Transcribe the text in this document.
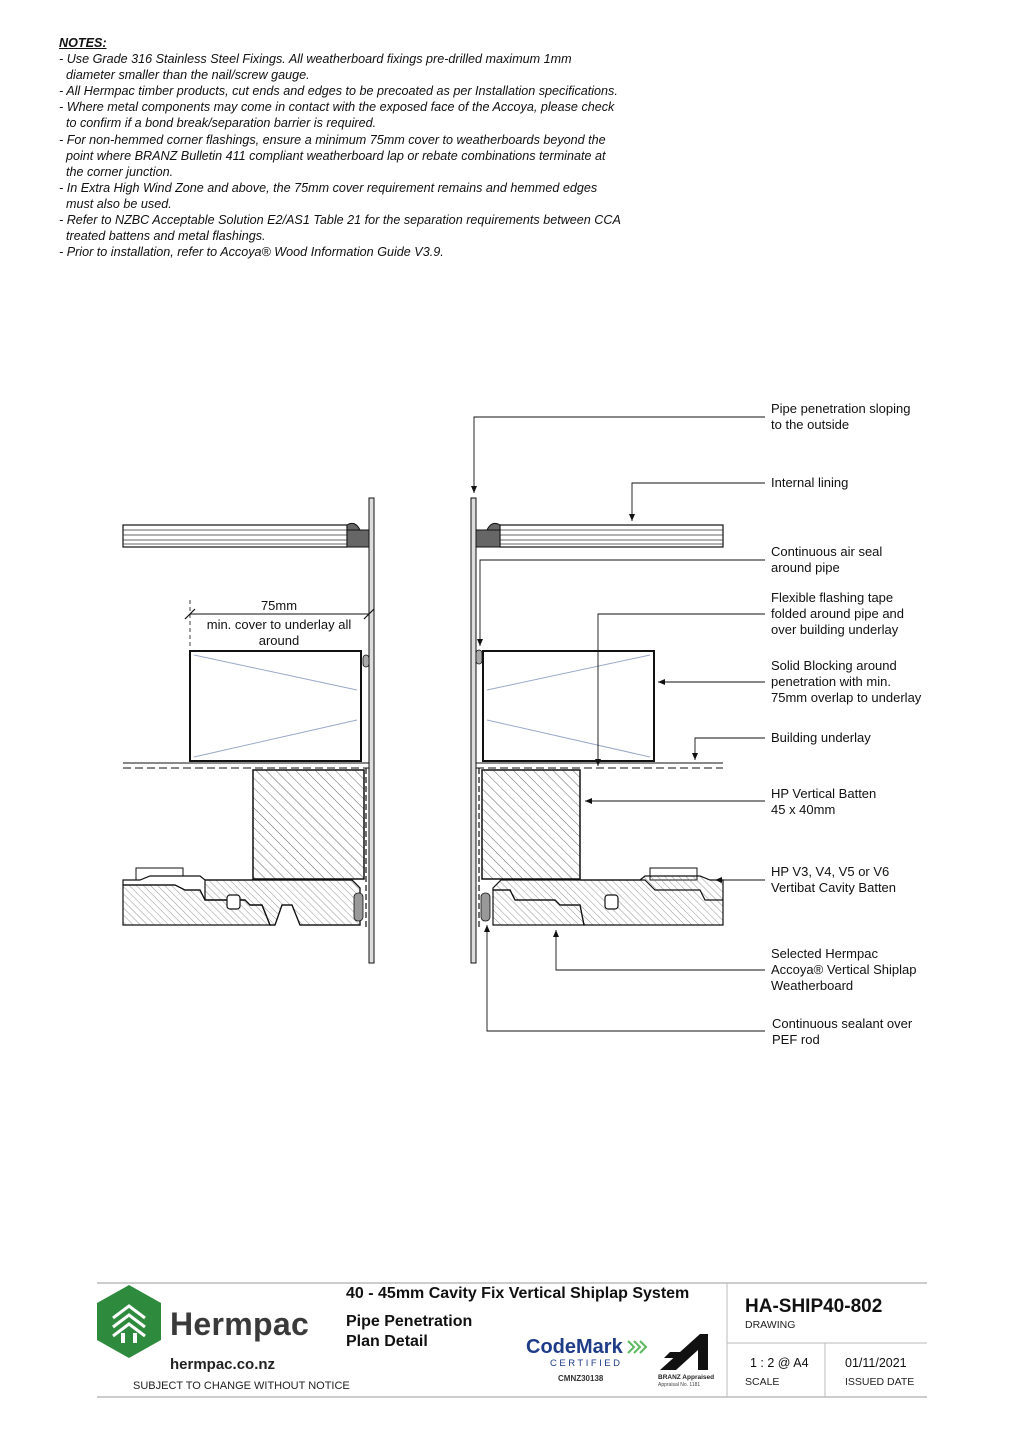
NOTES:
- Use Grade 316 Stainless Steel Fixings. All weatherboard fixings pre-drilled maximum 1mm
diameter smaller than the nail/screw gauge.
- All Hermpac timber products, cut ends and edges to be precoated as per Installation specifications.
- Where metal components may come in contact with the exposed face of the Accoya, please check
to confirm if a bond break/separation barrier is required.
- For non-hemmed corner flashings, ensure a minimum 75mm cover to weatherboards beyond the
point where BRANZ Bulletin 411 compliant weatherboard lap or rebate combinations terminate at
the corner junction.
- In Extra High Wind Zone and above, the 75mm cover requirement remains and hemmed edges
must also be used.
- Refer to NZBC Acceptable Solution E2/AS1 Table 21 for the separation requirements between CCA
treated battens and metal flashings.
- Prior to installation, refer to Accoya® Wood Information Guide V3.9.
75mm
min. cover to underlay all
around
Pipe penetration sloping
to the outside
Internal lining
Continuous air seal
around pipe
Flexible flashing tape
folded around pipe and
over building underlay
Solid Blocking around
penetration with min.
75mm overlap to underlay
Building underlay
HP Vertical Batten
45 x 40mm
HP V3, V4, V5 or V6
Vertibat Cavity Batten
Selected Hermpac
Accoya® Vertical Shiplap
Weatherboard
Continuous sealant over
PEF rod
Hermpac
hermpac.co.nz
SUBJECT TO CHANGE WITHOUT NOTICE
40 - 45mm Cavity Fix Vertical Shiplap System
Pipe Penetration
Plan Detail	CodeMark
CERTIFIED
CMNZ30138	BRANZ Appraised
Appraisal No. 1181
HA-SHIP40-802
DRAWING
1 : 2 @ A4
SCALE
01/11/2021
ISSUED DATE
